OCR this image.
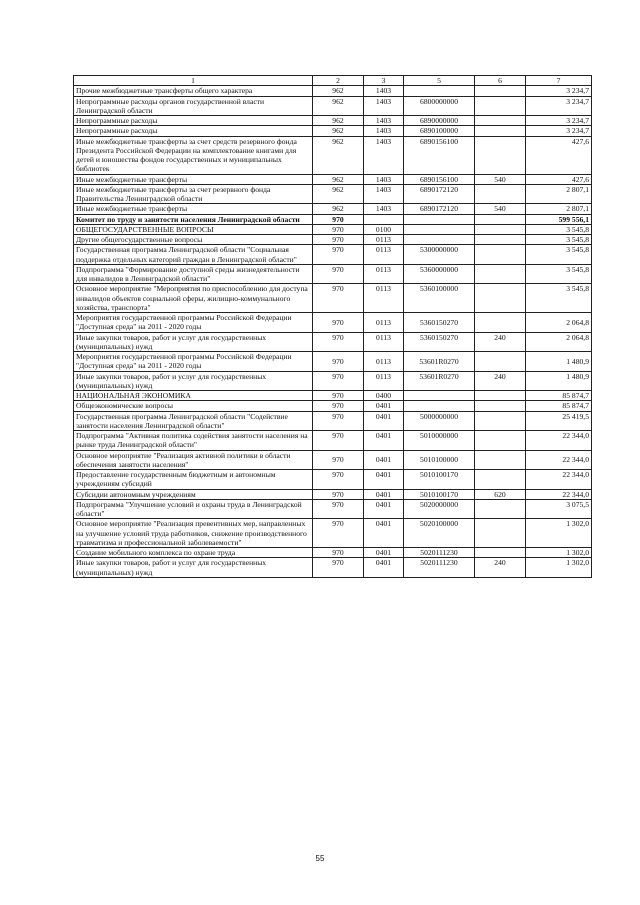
1	2	3	5	6	7
Прочие межбюджетные трансферты общего характера	962	1403			3 234,7
Непрограммные расходы органов государственной власти Ленинградской области	962	1403	6800000000		3 234,7
Непрограммные расходы	962	1403	6890000000		3 234,7
Непрограммные расходы	962	1403	6890100000		3 234,7
Иные межбюджетные трансферты за счет средств резервного фонда Президента Российской Федерации на комплектование книгами для детей и юношества фондов государственных и муниципальных библиотек	962	1403	6890156100		427,6
Иные межбюджетные трансферты	962	1403	6890156100	540	427,6
Иные межбюджетные трансферты за счет резервного фонда Правительства Ленинградской области	962	1403	6890172120		2 807,1
Иные межбюджетные трансферты	962	1403	6890172120	540	2 807,1
Комитет по труду и занятости населения Ленинградской области	970				599 556,1
ОБЩЕГОСУДАРСТВЕННЫЕ ВОПРОСЫ	970	0100			3 545,8
Другие общегосударственные вопросы	970	0113			3 545,8
Государственная программа Ленинградской области "Социальная поддержка отдельных категорий граждан в Ленинградской области"	970	0113	5300000000		3 545,8
Подпрограмма "Формирование доступной среды жизнедеятельности для инвалидов в Ленинградской области"	970	0113	5360000000		3 545,8
Основное мероприятие "Мероприятия по приспособлению для доступа инвалидов объектов социальной сферы, жилищно-коммунального хозяйства, транспорта"	970	0113	5360100000		3 545,8
Мероприятия государственной программы Российской Федерации "Доступная среда" на 2011 - 2020 годы	970	0113	5360150270		2 064,8
Иные закупки товаров, работ и услуг для государственных (муниципальных) нужд	970	0113	5360150270	240	2 064,8
Мероприятия государственной программы Российской Федерации "Доступная среда" на 2011 - 2020 годы	970	0113	53601R0270		1 480,9
Иные закупки товаров, работ и услуг для государственных (муниципальных) нужд	970	0113	53601R0270	240	1 480,9
НАЦИОНАЛЬНАЯ ЭКОНОМИКА	970	0400			85 874,7
Общеэкономические вопросы	970	0401			85 874,7
Государственная программа Ленинградской области "Содействие занятости населения Ленинградской области"	970	0401	5000000000		25 419,5
Подпрограмма "Активная политика содействия занятости населения на рынке труда Ленинградской области"	970	0401	5010000000		22 344,0
Основное мероприятие "Реализация активной политики в области обеспечения занятости населения"	970	0401	5010100000		22 344,0
Предоставление государственным бюджетным и автономным учреждениям субсидий	970	0401	5010100170		22 344,0
Субсидии автономным учреждениям	970	0401	5010100170	620	22 344,0
Подпрограмма "Улучшение условий и охраны труда в Ленинградской области"	970	0401	5020000000		3 075,5
Основное мероприятие "Реализация превентивных мер, направленных на улучшение условий труда работников, снижение производственного травматизма и профессиональной заболеваемости"	970	0401	5020100000		1 302,0
Создание мобильного комплекса по охране труда	970	0401	5020111230		1 302,0
Иные закупки товаров, работ и услуг для государственных (муниципальных) нужд	970	0401	5020111230	240	1 302,0
55
